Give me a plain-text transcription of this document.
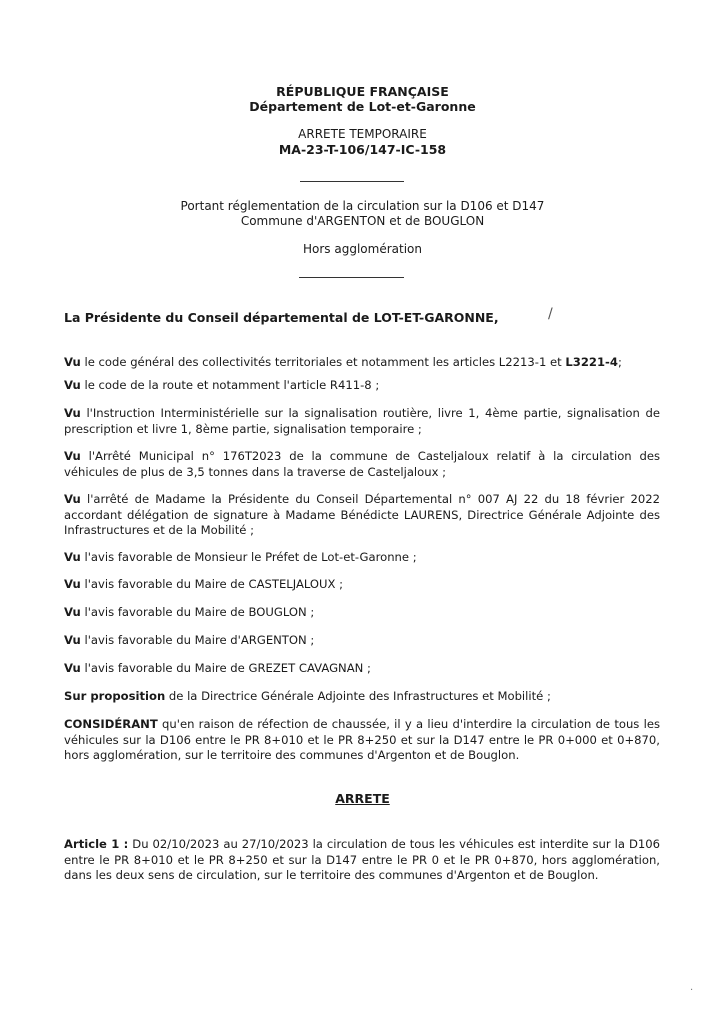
RÉPUBLIQUE FRANÇAISE
Département de Lot-et-Garonne
ARRETE TEMPORAIRE
MA-23-T-106/147-IC-158
Portant réglementation de la circulation sur la D106 et D147
Commune d'ARGENTON et de BOUGLON
Hors agglomération
La Présidente du Conseil départemental de LOT-ET-GARONNE,	/
Vu le code général des collectivités territoriales et notamment les articles L2213-1 et L3221-4;
Vu le code de la route et notamment l'article R411-8 ;
Vu l'Instruction Interministérielle sur la signalisation routière, livre 1, 4ème partie, signalisation de prescription et livre 1, 8ème partie, signalisation temporaire ;
Vu l'Arrêté Municipal n° 176T2023 de la commune de Casteljaloux relatif à la circulation des véhicules de plus de 3,5 tonnes dans la traverse de Casteljaloux ;
Vu l'arrêté de Madame la Présidente du Conseil Départemental n° 007 AJ 22 du 18 février 2022 accordant délégation de signature à Madame Bénédicte LAURENS, Directrice Générale Adjointe des Infrastructures et de la Mobilité ;
Vu l'avis favorable de Monsieur le Préfet de Lot-et-Garonne ;
Vu l'avis favorable du Maire de CASTELJALOUX ;
Vu l'avis favorable du Maire de BOUGLON ;
Vu l'avis favorable du Maire d'ARGENTON ;
Vu l'avis favorable du Maire de GREZET CAVAGNAN ;
Sur proposition de la Directrice Générale Adjointe des Infrastructures et Mobilité ;
CONSIDÉRANT qu'en raison de réfection de chaussée, il y a lieu d'interdire la circulation de tous les véhicules sur la D106 entre le PR 8+010 et le PR 8+250 et sur la D147 entre le PR 0+000 et 0+870, hors agglomération, sur le territoire des communes d'Argenton et de Bouglon.
ARRETE
Article 1 : Du 02/10/2023 au 27/10/2023 la circulation de tous les véhicules est interdite sur la D106 entre le PR 8+010 et le PR 8+250 et sur la D147 entre le PR 0 et le PR 0+870, hors agglomération, dans les deux sens de circulation, sur le territoire des communes d'Argenton et de Bouglon.
·
